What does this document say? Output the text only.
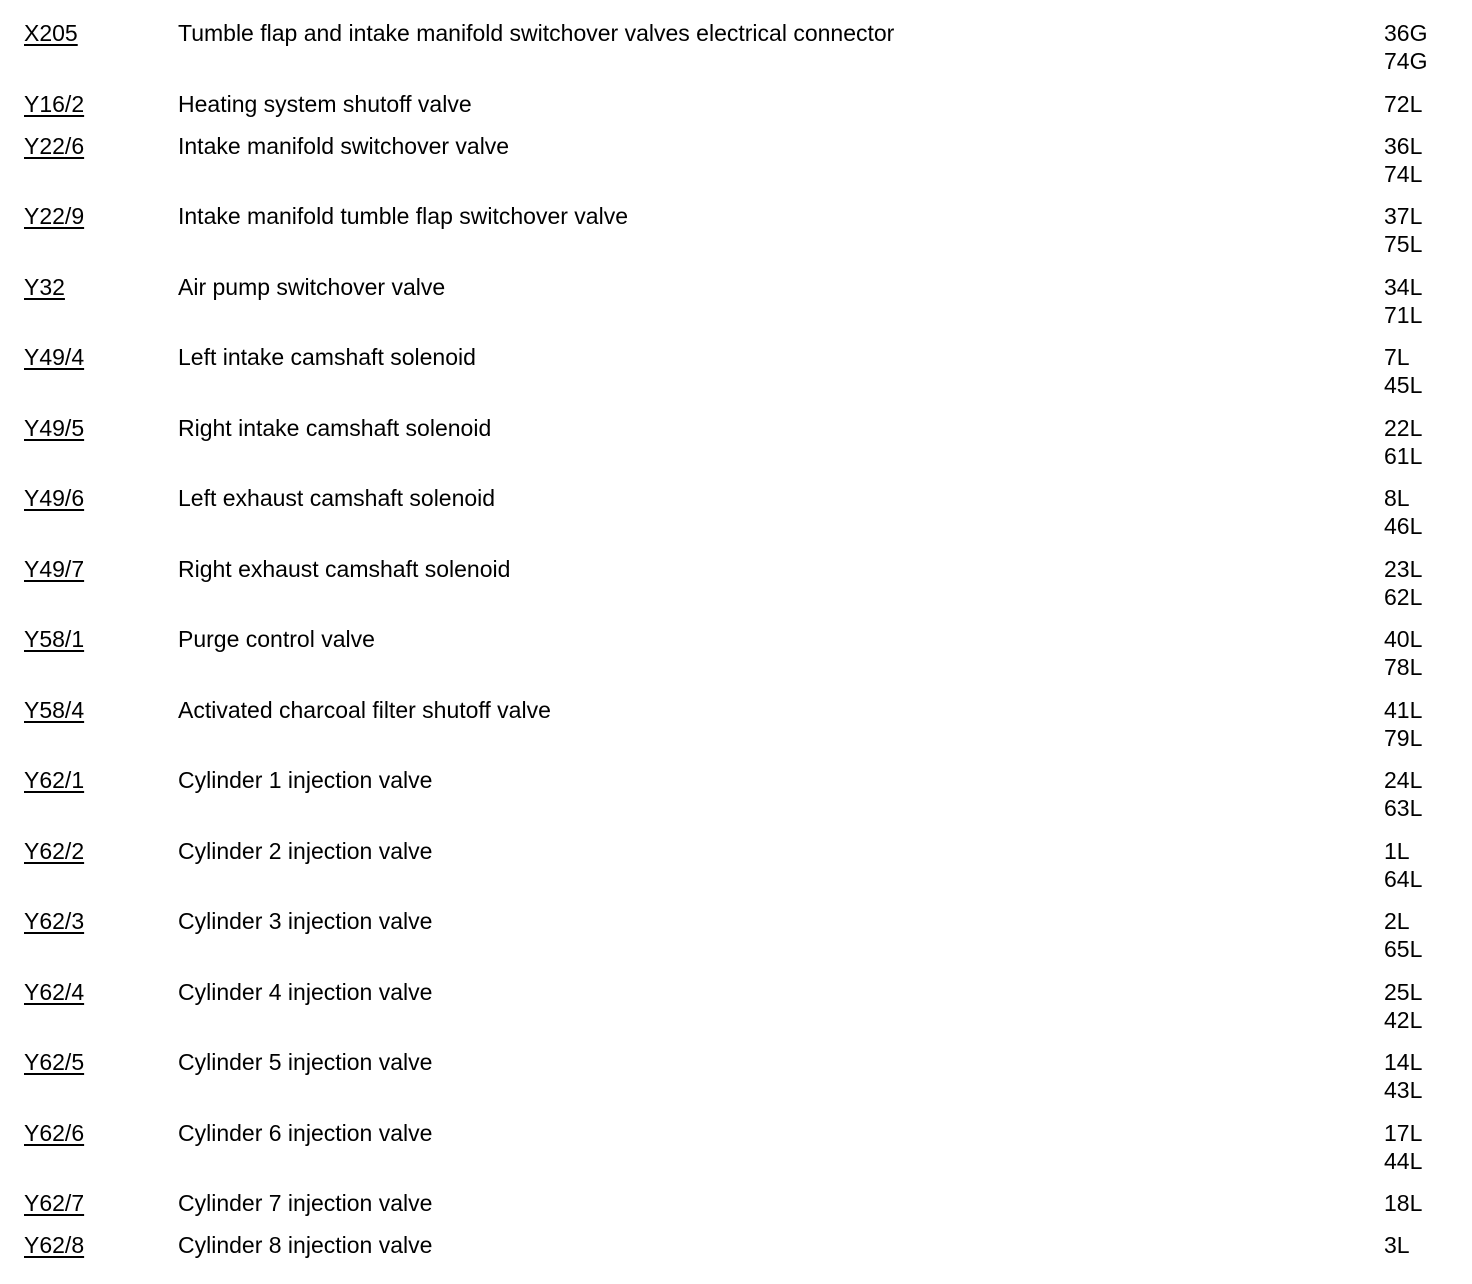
X205	Tumble flap and intake manifold switchover valves electrical connector	36G
74G
Y16/2	Heating system shutoff valve	72L
Y22/6	Intake manifold switchover valve	36L
74L
Y22/9	Intake manifold tumble flap switchover valve	37L
75L
Y32	Air pump switchover valve	34L
71L
Y49/4	Left intake camshaft solenoid	7L
45L
Y49/5	Right intake camshaft solenoid	22L
61L
Y49/6	Left exhaust camshaft solenoid	8L
46L
Y49/7	Right exhaust camshaft solenoid	23L
62L
Y58/1	Purge control valve	40L
78L
Y58/4	Activated charcoal filter shutoff valve	41L
79L
Y62/1	Cylinder 1 injection valve	24L
63L
Y62/2	Cylinder 2 injection valve	1L
64L
Y62/3	Cylinder 3 injection valve	2L
65L
Y62/4	Cylinder 4 injection valve	25L
42L
Y62/5	Cylinder 5 injection valve	14L
43L
Y62/6	Cylinder 6 injection valve	17L
44L
Y62/7	Cylinder 7 injection valve	18L
Y62/8	Cylinder 8 injection valve	3L
